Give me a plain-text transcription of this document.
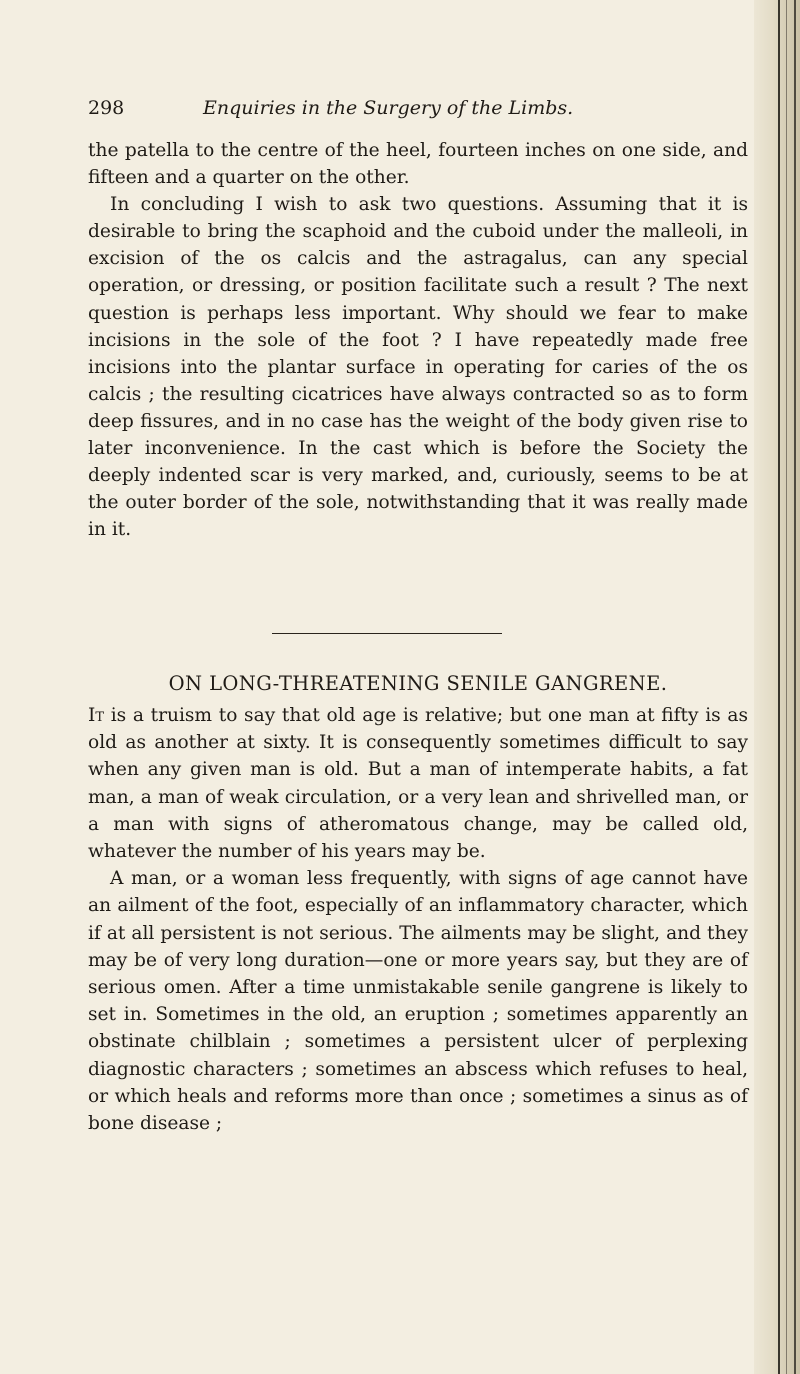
298	Enquiries in the Surgery of the Limbs.

the patella to the centre of the heel, fourteen inches on one side, and fifteen and a quarter on the other.

In concluding I wish to ask two questions. Assuming that it is desirable to bring the scaphoid and the cuboid under the malleoli, in excision of the os calcis and the astragalus, can any special operation, or dressing, or position facilitate such a result ? The next question is perhaps less important. Why should we fear to make incisions in the sole of the foot ? I have repeatedly made free incisions into the plantar surface in operating for caries of the os calcis ; the resulting cicatrices have always contracted so as to form deep fissures, and in no case has the weight of the body given rise to later inconvenience. In the cast which is before the Society the deeply indented scar is very marked, and, curiously, seems to be at the outer border of the sole, notwithstanding that it was really made in it.

ON LONG-THREATENING SENILE GANGRENE.

It is a truism to say that old age is relative; but one man at fifty is as old as another at sixty. It is consequently sometimes difficult to say when any given man is old. But a man of intemperate habits, a fat man, a man of weak circulation, or a very lean and shrivelled man, or a man with signs of atheromatous change, may be called old, whatever the number of his years may be.

A man, or a woman less frequently, with signs of age cannot have an ailment of the foot, especially of an inflammatory character, which if at all persistent is not serious. The ailments may be slight, and they may be of very long duration—one or more years say, but they are of serious omen. After a time unmistakable senile gangrene is likely to set in. Sometimes in the old, an eruption ; sometimes apparently an obstinate chilblain ; sometimes a persistent ulcer of perplexing diagnostic characters ; sometimes an abscess which refuses to heal, or which heals and reforms more than once ; sometimes a sinus as of bone disease ;
